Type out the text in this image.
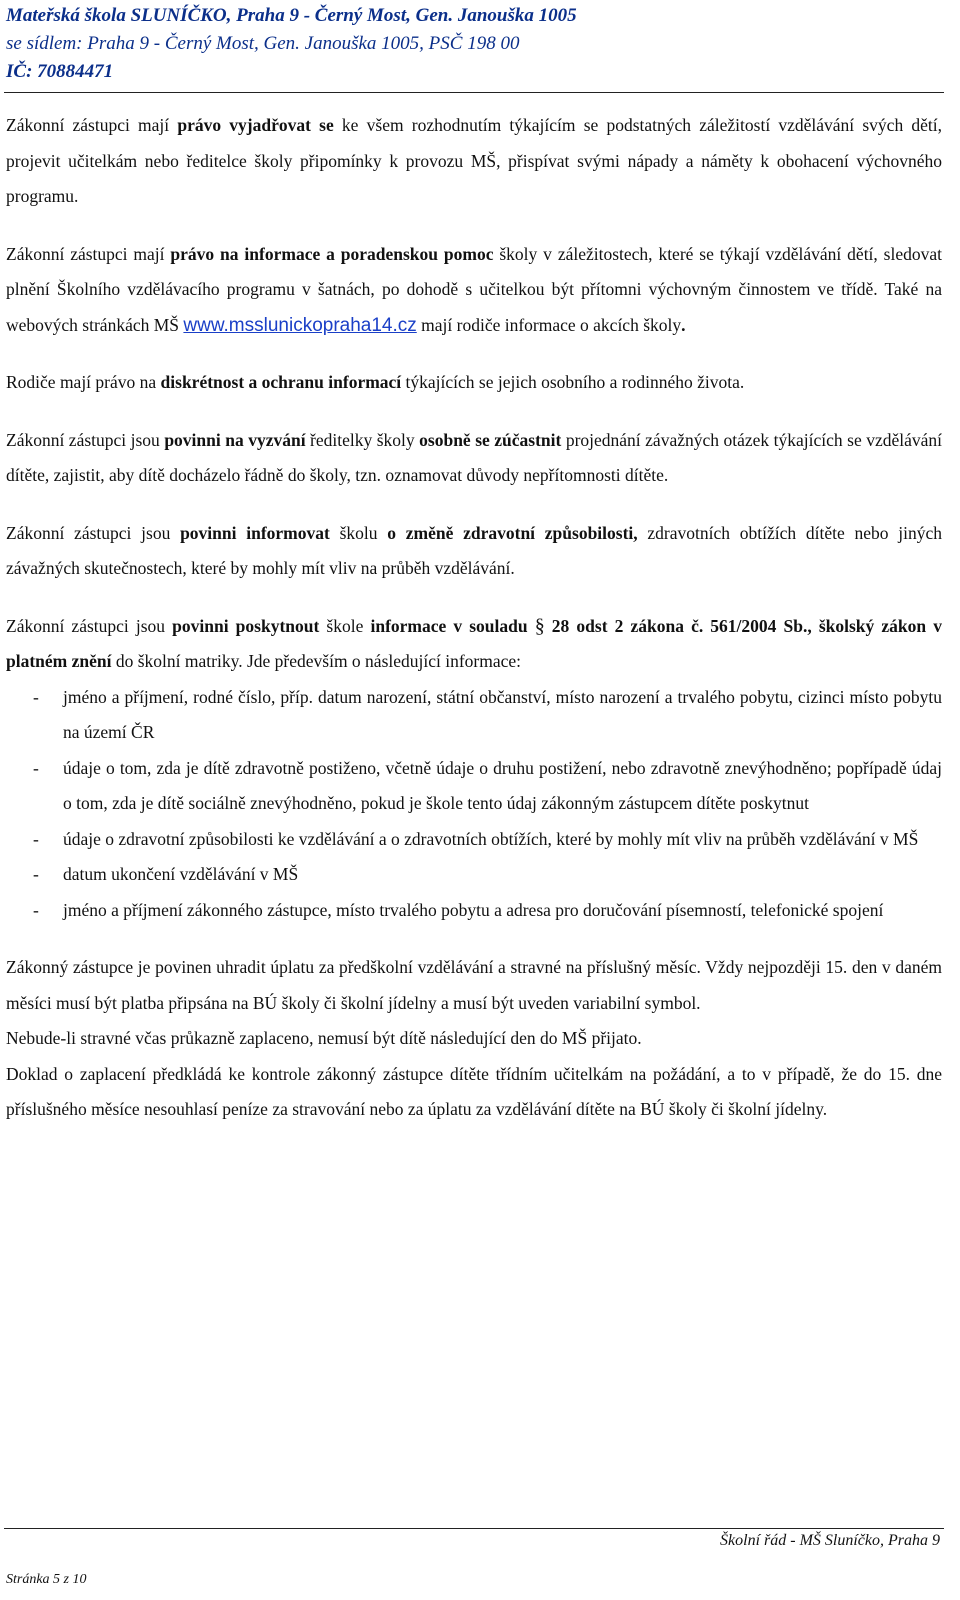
Mateřská škola SLUNÍČKO, Praha 9 - Černý Most, Gen. Janouška 1005
se sídlem: Praha 9 - Černý Most, Gen. Janouška 1005, PSČ 198 00
IČ: 70884471

Zákonní zástupci mají právo vyjadřovat se ke všem rozhodnutím týkajícím se podstatných záležitostí vzdělávání svých dětí, projevit učitelkám nebo ředitelce školy připomínky k provozu MŠ, přispívat svými nápady a náměty k obohacení výchovného programu.

Zákonní zástupci mají právo na informace a poradenskou pomoc školy v záležitostech, které se týkají vzdělávání dětí, sledovat plnění Školního vzdělávacího programu v šatnách, po dohodě s učitelkou být přítomni výchovným činnostem ve třídě. Také na webových stránkách MŠ www.msslunickopraha14.cz mají rodiče informace o akcích školy.

Rodiče mají právo na diskrétnost a ochranu informací týkajících se jejich osobního a rodinného života.

Zákonní zástupci jsou povinni na vyzvání ředitelky školy osobně se zúčastnit projednání závažných otázek týkajících se vzdělávání dítěte, zajistit, aby dítě docházelo řádně do školy, tzn. oznamovat důvody nepřítomnosti dítěte.

Zákonní zástupci jsou povinni informovat školu o změně zdravotní způsobilosti, zdravotních obtížích dítěte nebo jiných závažných skutečnostech, které by mohly mít vliv na průběh vzdělávání.

Zákonní zástupci jsou povinni poskytnout škole informace v souladu § 28 odst 2 zákona č. 561/2004 Sb., školský zákon v platném znění do školní matriky. Jde především o následující informace:

- jméno a příjmení, rodné číslo, příp. datum narození, státní občanství, místo narození a trvalého pobytu, cizinci místo pobytu na území ČR
- údaje o tom, zda je dítě zdravotně postiženo, včetně údaje o druhu postižení, nebo zdravotně znevýhodněno; popřípadě údaj o tom, zda je dítě sociálně znevýhodněno, pokud je škole tento údaj zákonným zástupcem dítěte poskytnut
- údaje o zdravotní způsobilosti ke vzdělávání a o zdravotních obtížích, které by mohly mít vliv na průběh vzdělávání v MŠ
- datum ukončení vzdělávání v MŠ
- jméno a příjmení zákonného zástupce, místo trvalého pobytu a adresa pro doručování písemností, telefonické spojení

Zákonný zástupce je povinen uhradit úplatu za předškolní vzdělávání a stravné na příslušný měsíc. Vždy nejpozději 15. den v daném měsíci musí být platba připsána na BÚ školy či školní jídelny a musí být uveden variabilní symbol.

Nebude-li stravné včas průkazně zaplaceno, nemusí být dítě následující den do MŠ přijato.

Doklad o zaplacení předkládá ke kontrole zákonný zástupce dítěte třídním učitelkám na požádání, a to v případě, že do 15. dne příslušného měsíce nesouhlasí peníze za stravování nebo za úplatu za vzdělávání dítěte na BÚ školy či školní jídelny.

Školní řád - MŠ Sluníčko, Praha 9
Stránka 5 z 10
